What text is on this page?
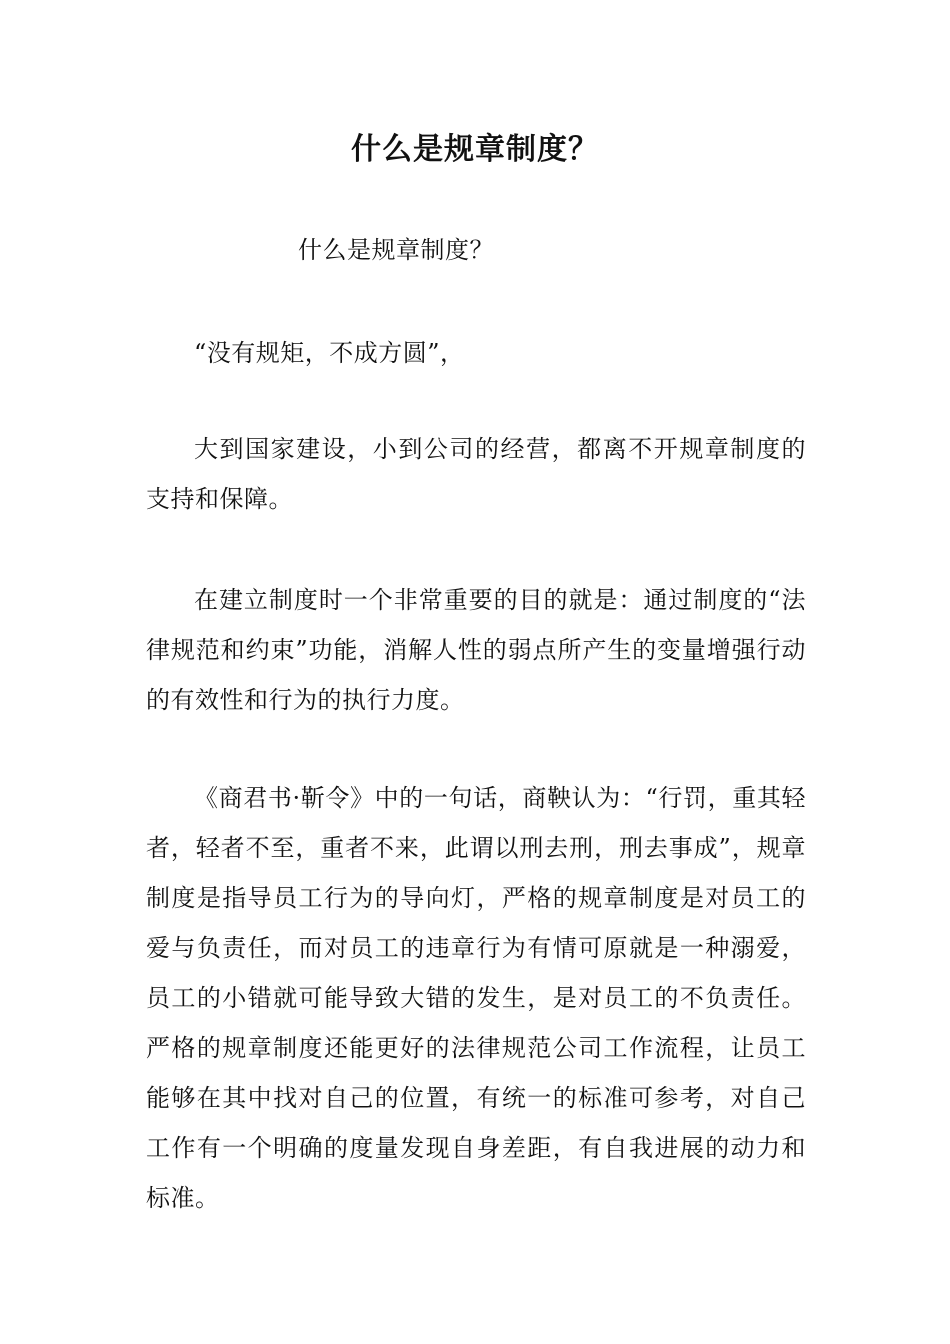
什么是规章制度？

什么是规章制度？

“没有规矩，不成方圆”，

大到国家建设，小到公司的经营，都离不开规章制度的支持和保障。

在建立制度时一个非常重要的目的就是：通过制度的“法律规范和约束”功能，消解人性的弱点所产生的变量增强行动的有效性和行为的执行力度。

《商君书·靳令》中的一句话，商鞅认为：“行罚，重其轻者，轻者不至，重者不来，此谓以刑去刑，刑去事成”，规章制度是指导员工行为的导向灯，严格的规章制度是对员工的爱与负责任，而对员工的违章行为有情可原就是一种溺爱，员工的小错就可能导致大错的发生，是对员工的不负责任。严格的规章制度还能更好的法律规范公司工作流程，让员工能够在其中找对自己的位置，有统一的标准可参考，对自己工作有一个明确的度量发现自身差距，有自我进展的动力和标准。
